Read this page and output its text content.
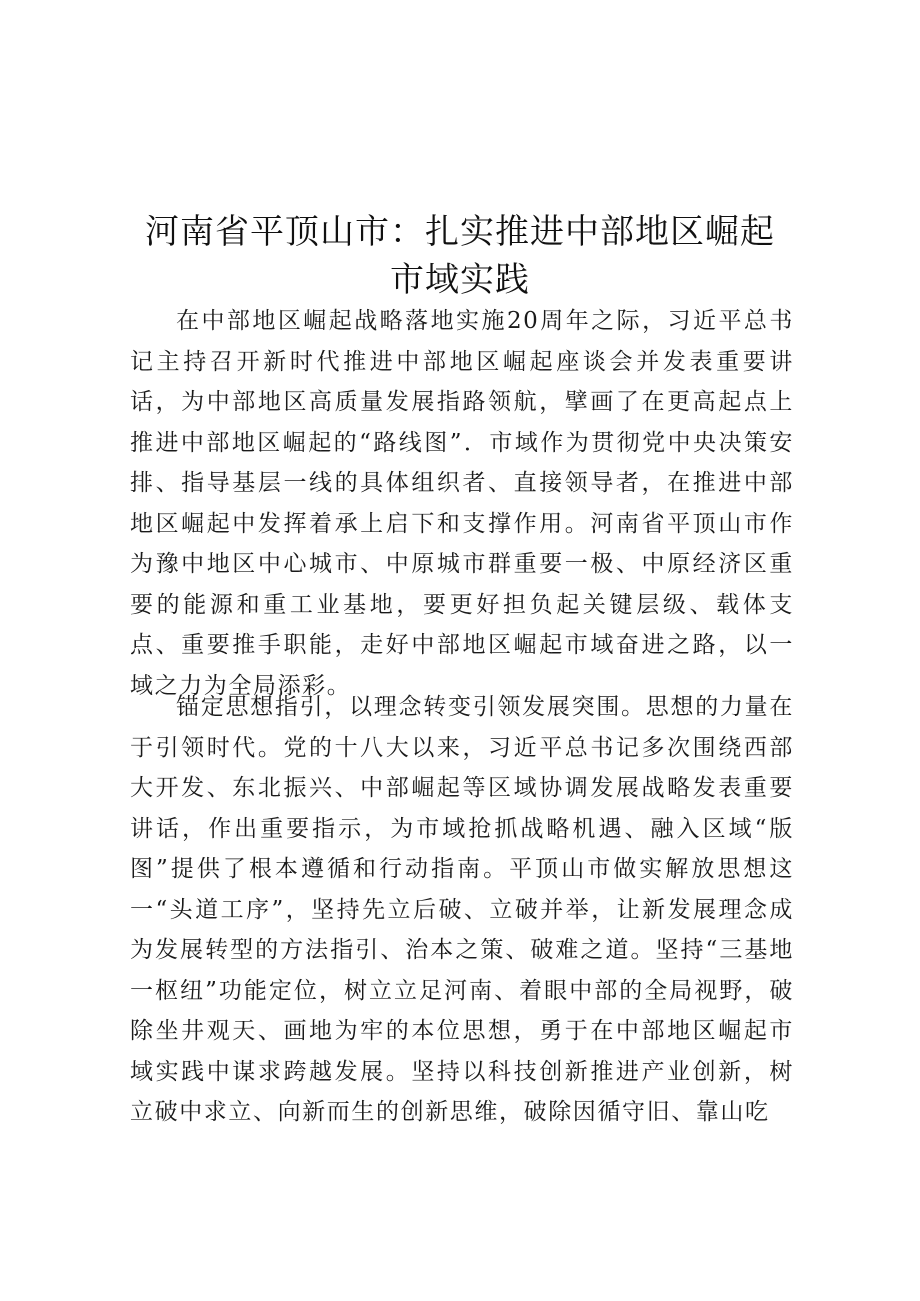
河南省平顶山市：扎实推进中部地区崛起市域实践

在中部地区崛起战略落地实施20周年之际，习近平总书记主持召开新时代推进中部地区崛起座谈会并发表重要讲话，为中部地区高质量发展指路领航，擘画了在更高起点上推进中部地区崛起的“路线图”．市域作为贯彻党中央决策安排、指导基层一线的具体组织者、直接领导者，在推进中部地区崛起中发挥着承上启下和支撑作用。河南省平顶山市作为豫中地区中心城市、中原城市群重要一极、中原经济区重要的能源和重工业基地，要更好担负起关键层级、载体支点、重要推手职能，走好中部地区崛起市域奋进之路，以一域之力为全局添彩。

锚定思想指引，以理念转变引领发展突围。思想的力量在于引领时代。党的十八大以来，习近平总书记多次围绕西部大开发、东北振兴、中部崛起等区域协调发展战略发表重要讲话，作出重要指示，为市域抢抓战略机遇、融入区域“版图”提供了根本遵循和行动指南。平顶山市做实解放思想这一“头道工序”，坚持先立后破、立破并举，让新发展理念成为发展转型的方法指引、治本之策、破难之道。坚持“三基地一枢纽”功能定位，树立立足河南、着眼中部的全局视野，破除坐井观天、画地为牢的本位思想，勇于在中部地区崛起市域实践中谋求跨越发展。坚持以科技创新推进产业创新，树立破中求立、向新而生的创新思维，破除因循守旧、靠山吃
